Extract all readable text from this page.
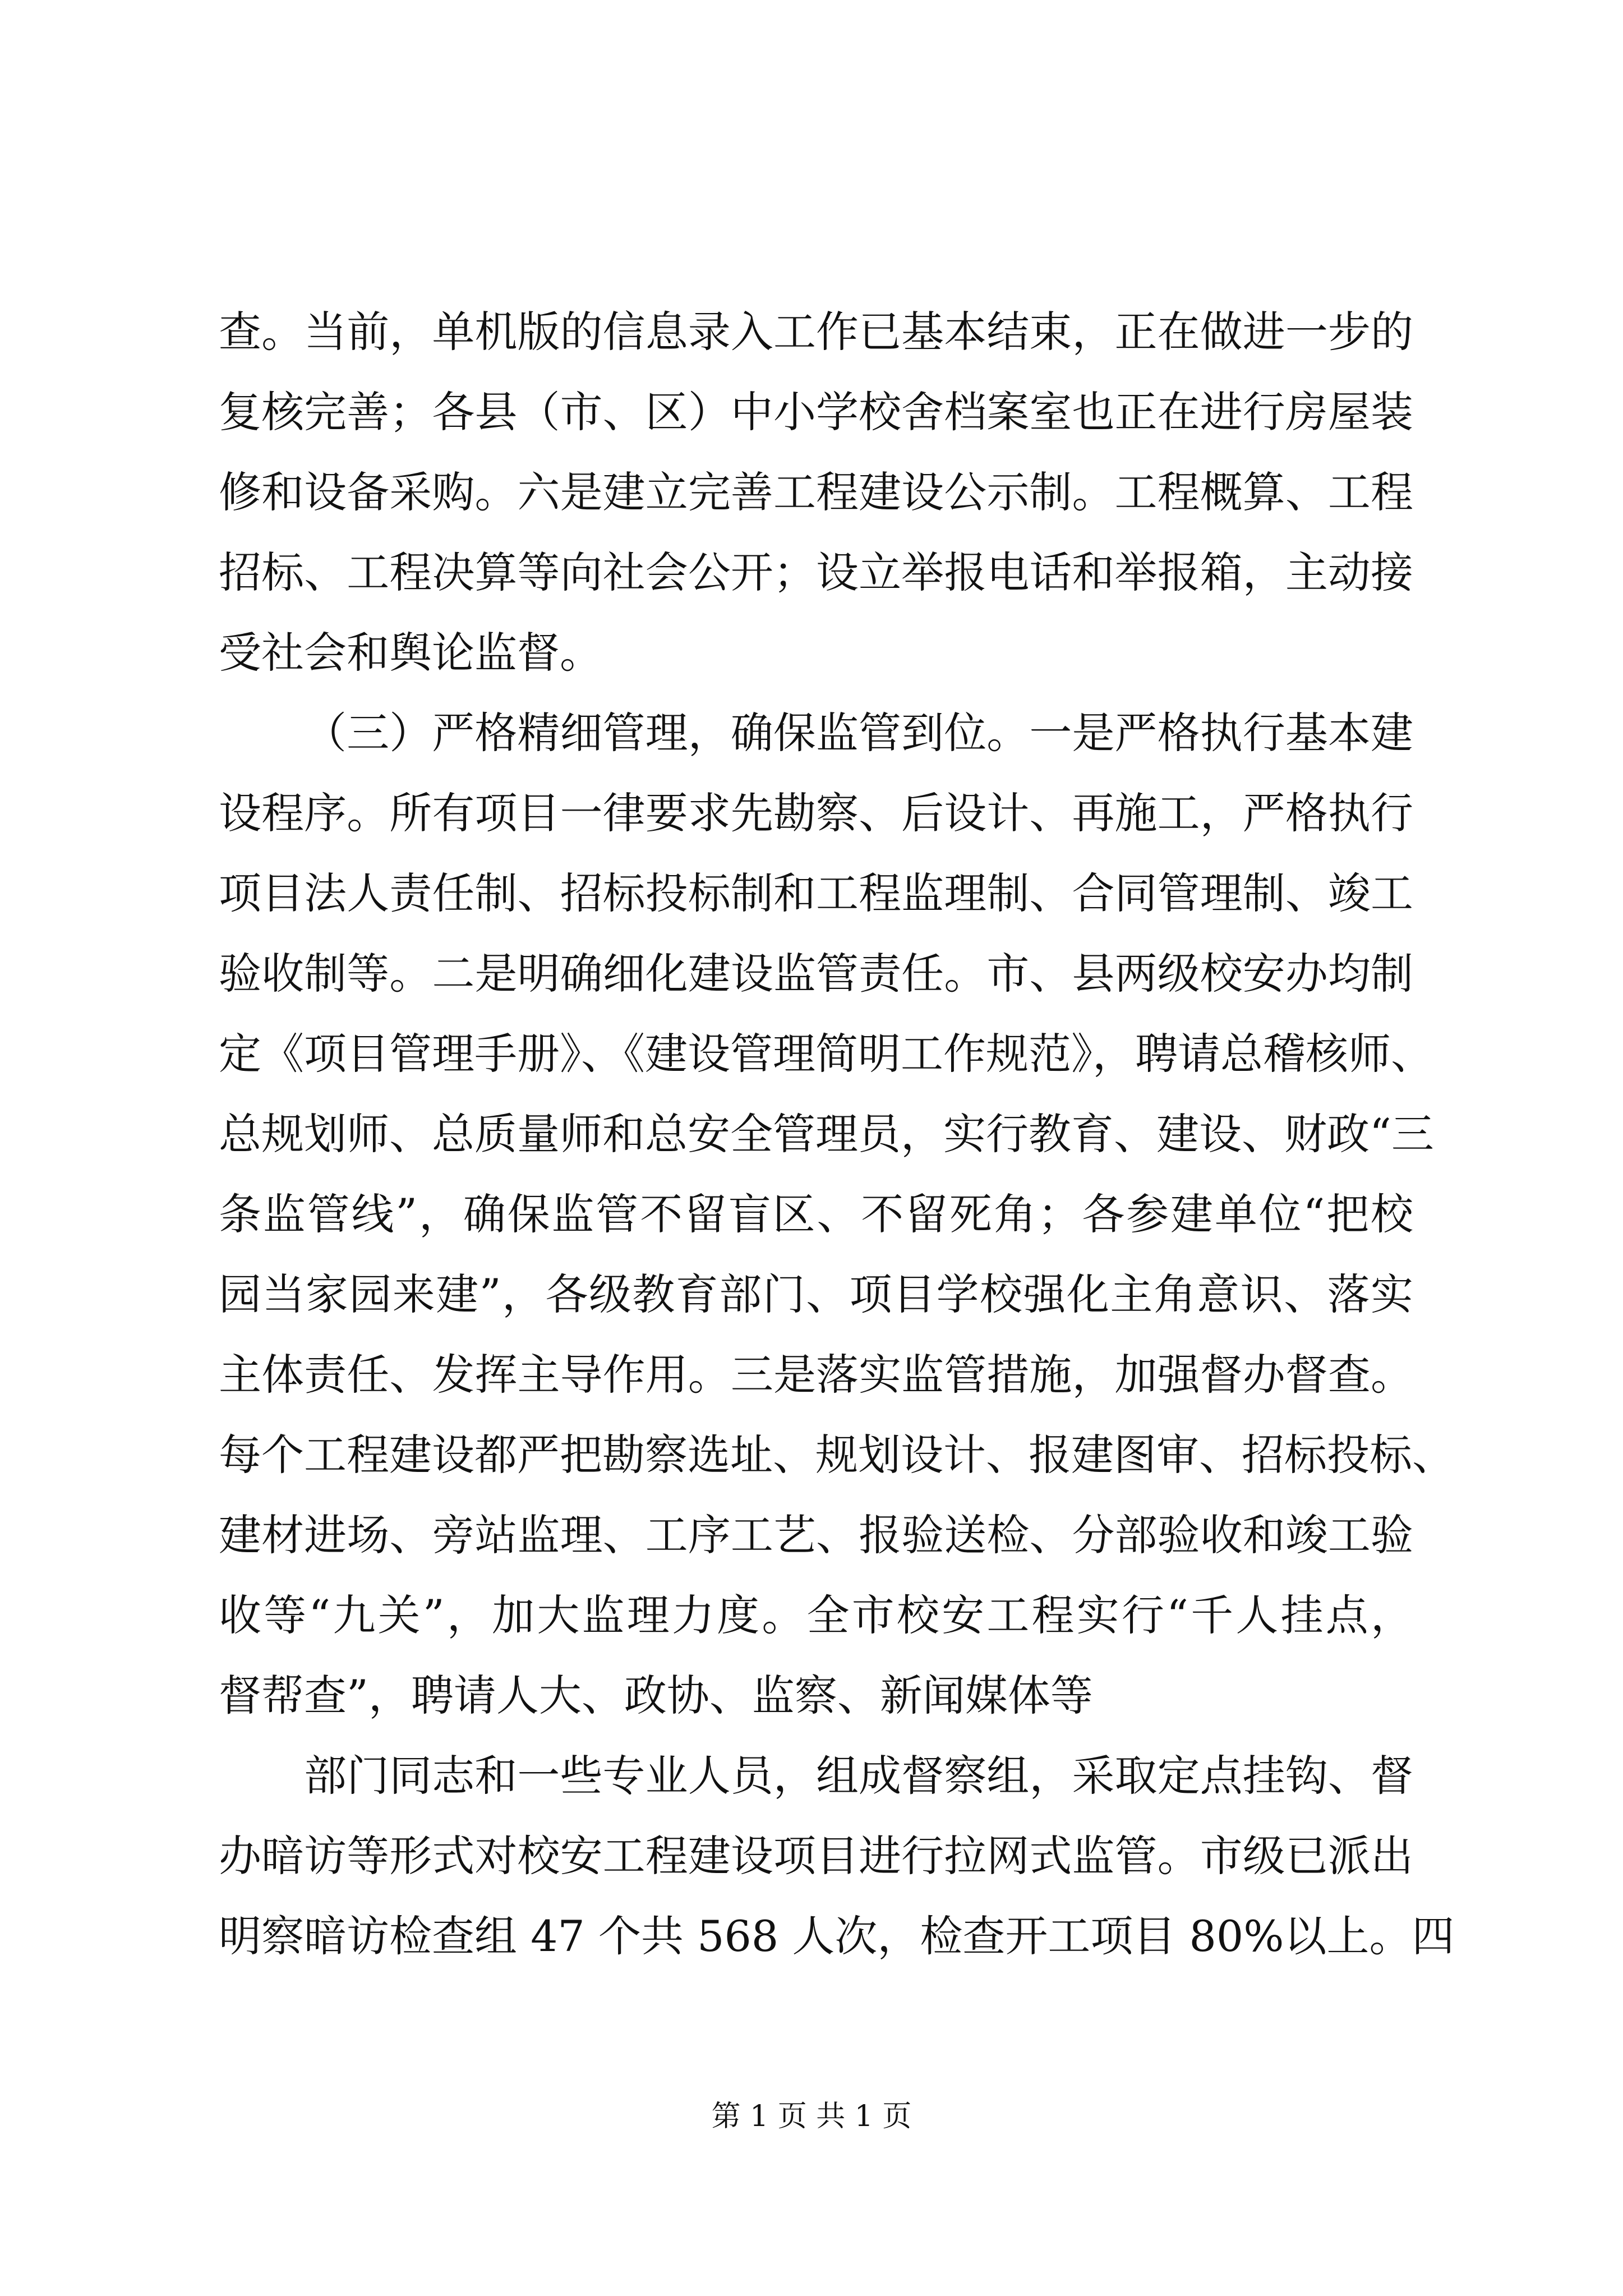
查。当前，单机版的信息录入工作已基本结束，正在做进一步的
复核完善；各县（市、区）中小学校舍档案室也正在进行房屋装
修和设备采购。六是建立完善工程建设公示制。工程概算、工程
招标、工程决算等向社会公开；设立举报电话和举报箱，主动接
受社会和舆论监督。
（三）严格精细管理，确保监管到位。一是严格执行基本建
设程序。所有项目一律要求先勘察、后设计、再施工，严格执行
项目法人责任制、招标投标制和工程监理制、合同管理制、竣工
验收制等。二是明确细化建设监管责任。市、县两级校安办均制
定《项目管理手册》、《建设管理简明工作规范》，聘请总稽核师、
总规划师、总质量师和总安全管理员，实行教育、建设、财政“三
条监管线”，确保监管不留盲区、不留死角；各参建单位“把校
园当家园来建”，各级教育部门、项目学校强化主角意识、落实
主体责任、发挥主导作用。三是落实监管措施，加强督办督查。
每个工程建设都严把勘察选址、规划设计、报建图审、招标投标、
建材进场、旁站监理、工序工艺、报验送检、分部验收和竣工验
收等“九关”，加大监理力度。全市校安工程实行“千人挂点，
督帮查”，聘请人大、政协、监察、新闻媒体等
部门同志和一些专业人员，组成督察组，采取定点挂钩、督
办暗访等形式对校安工程建设项目进行拉网式监管。市级已派出
明察暗访检查组 47 个共 568 人次，检查开工项目 80%以上。四
第 1 页 共 1 页
